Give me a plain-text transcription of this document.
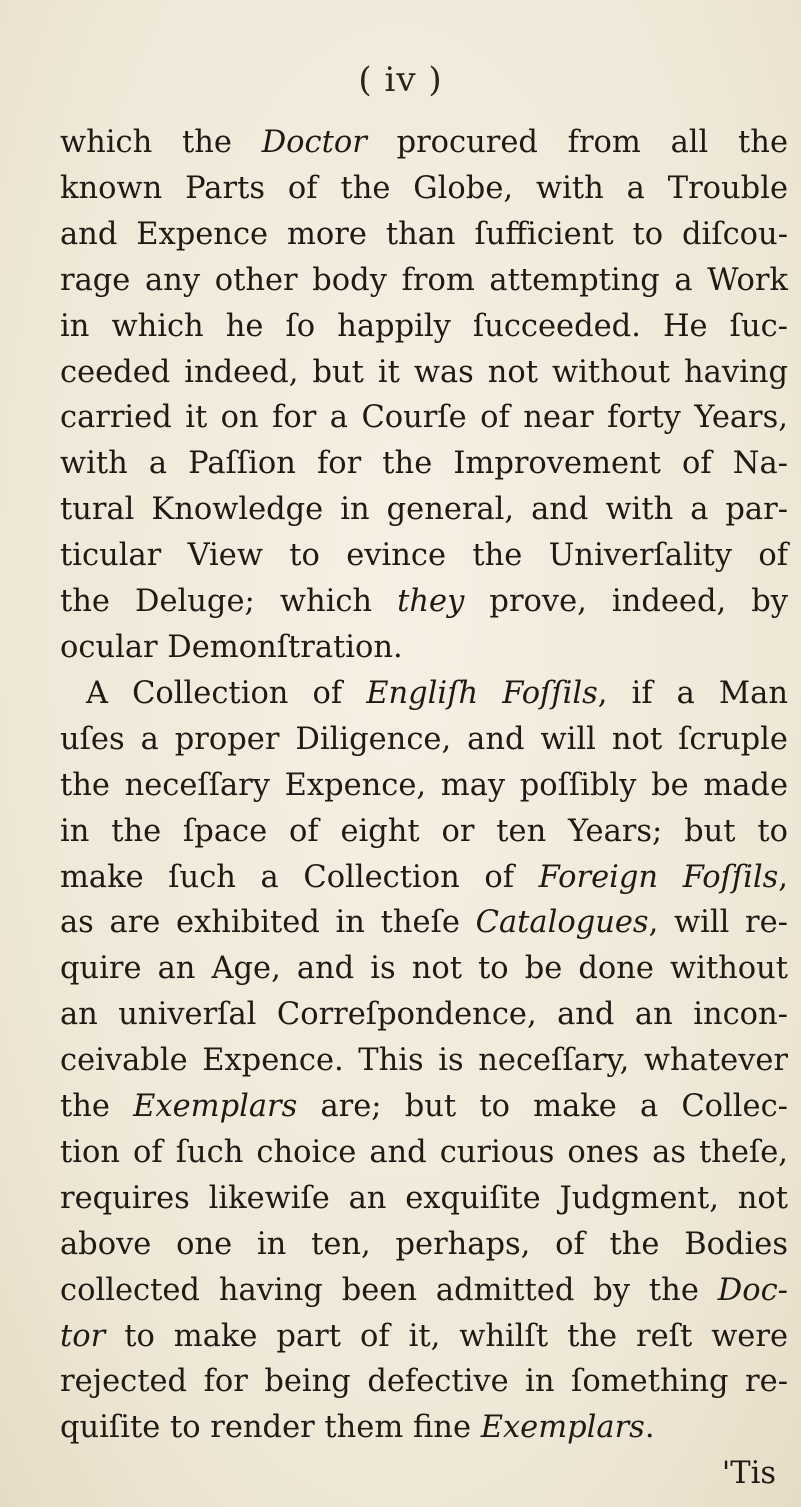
( iv )
which the Doctor procured from all the
known Parts of the Globe, with a Trouble
and Expence more than ſufficient to diſcou-
rage any other body from attempting a Work
in which he ſo happily ſucceeded. He ſuc-
ceeded indeed, but it was not without having
carried it on for a Courſe of near forty Years,
with a Paſſion for the Improvement of Na-
tural Knowledge in general, and with a par-
ticular View to evince the Univerſality of
the Deluge; which they prove, indeed, by
ocular Demonſtration.
A Collection of Engliſh Foſſils, if a Man
uſes a proper Diligence, and will not ſcruple
the neceſſary Expence, may poſſibly be made
in the ſpace of eight or ten Years; but to
make ſuch a Collection of Foreign Foſſils,
as are exhibited in theſe Catalogues, will re-
quire an Age, and is not to be done without
an univerſal Correſpondence, and an incon-
ceivable Expence. This is neceſſary, whatever
the Exemplars are; but to make a Collec-
tion of ſuch choice and curious ones as theſe,
requires likewiſe an exquiſite Judgment, not
above one in ten, perhaps, of the Bodies
collected having been admitted by the Doc-
tor to make part of it, whilſt the reſt were
rejected for being defective in ſomething re-
quiſite to render them fine Exemplars.
'Tis
